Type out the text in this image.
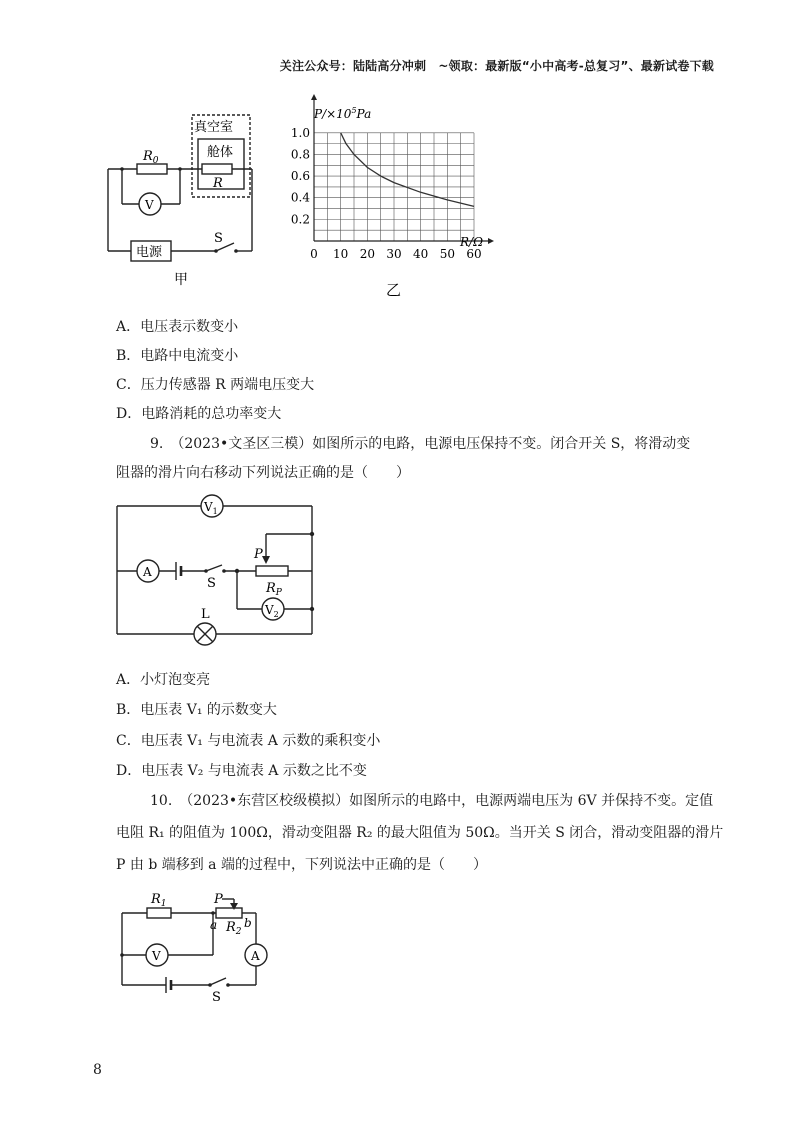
关注公众号：陆陆高分冲刺　~领取：最新版“小中高考-总复习”、最新试卷下载
$R_0$
真空室
舱体
R
V
电源
S
甲
0 10 20 30 40 50 60
0.2
0.4
0.6
0.8
1.0
$P/\times 10^5Pa$
R/Ω
乙
A．电压表示数变小
B．电路中电流变小
C．压力传感器 R 两端电压变大
D．电路消耗的总功率变大
9.　（2023•文圣区三模）如图所示的电路，电源电压保持不变。闭合开关 S，将滑动变
阻器的滑片向右移动下列说法正确的是（　　）
$V_1$
A
S
P
$R_P$
$V_2$
L
A．小灯泡变亮
B．电压表 V₁ 的示数变大
C．电压表 V₁ 与电流表 A 示数的乘积变小
D．电压表 V₂ 与电流表 A 示数之比不变
10.　（2023•东营区校级模拟）如图所示的电路中，电源两端电压为 6V 并保持不变。定值
电阻 R₁ 的阻值为 100Ω，滑动变阻器 R₂ 的最大阻值为 50Ω。当开关 S 闭合，滑动变阻器的滑片
P 由 b 端移到 a 端的过程中，下列说法中正确的是（　　）
$R_1$	P
a $R_2$
b
V	A
S
8
